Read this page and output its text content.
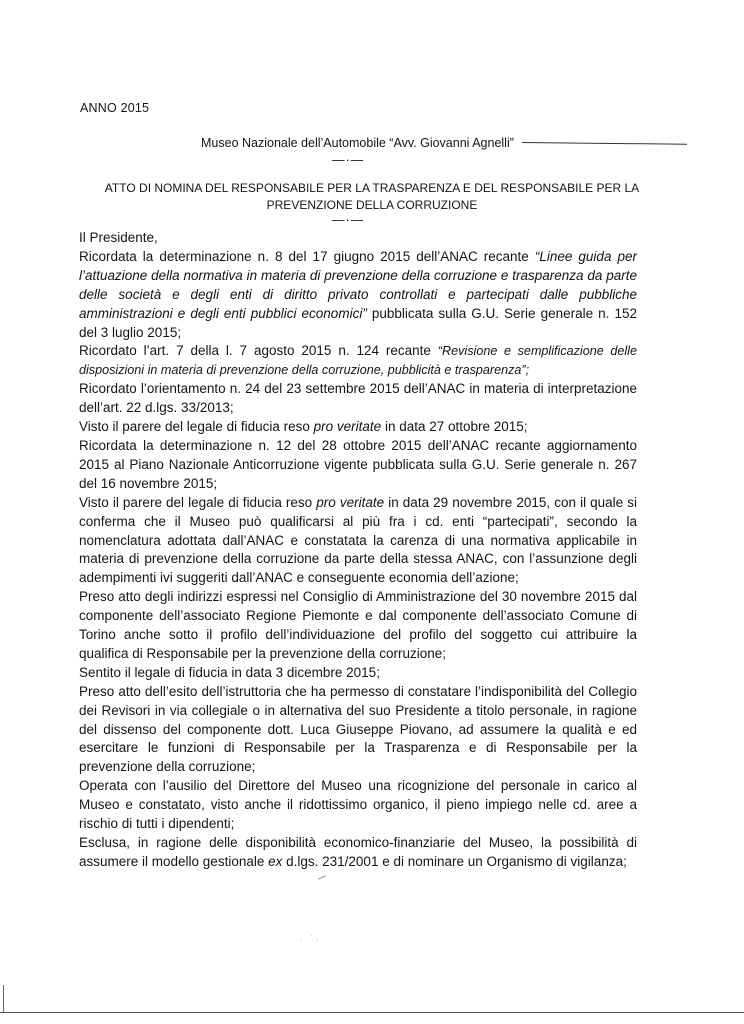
ANNO 2015
Museo Nazionale dell’Automobile “Avv. Giovanni Agnelli”
—·—
ATTO DI NOMINA DEL RESPONSABILE PER LA TRASPARENZA E DEL RESPONSABILE PER LA
PREVENZIONE DELLA CORRUZIONE
—·—

Il Presidente,

Ricordata la determinazione n. 8 del 17 giugno 2015 dell’ANAC recante “Linee guida per l’attuazione della normativa in materia di prevenzione della corruzione e trasparenza da parte delle società e degli enti di diritto privato controllati e partecipati dalle pubbliche amministrazioni e degli enti pubblici economici” pubblicata sulla G.U. Serie generale n. 152 del 3 luglio 2015;

Ricordato l’art. 7 della l. 7 agosto 2015 n. 124 recante “Revisione e semplificazione delle disposizioni in materia di prevenzione della corruzione, pubblicità e trasparenza”;

Ricordato l’orientamento n. 24 del 23 settembre 2015 dell’ANAC in materia di interpretazione dell’art. 22 d.lgs. 33/2013;

Visto il parere del legale di fiducia reso pro veritate in data 27 ottobre 2015;

Ricordata la determinazione n. 12 del 28 ottobre 2015 dell’ANAC recante aggiornamento 2015 al Piano Nazionale Anticorruzione vigente pubblicata sulla G.U. Serie generale n. 267 del 16 novembre 2015;

Visto il parere del legale di fiducia reso pro veritate in data 29 novembre 2015, con il quale si conferma che il Museo può qualificarsi al più fra i cd. enti “partecipati”, secondo la nomenclatura adottata dall’ANAC e constatata la carenza di una normativa applicabile in materia di prevenzione della corruzione da parte della stessa ANAC, con l’assunzione degli adempimenti ivi suggeriti dall’ANAC e conseguente economia dell’azione;

Preso atto degli indirizzi espressi nel Consiglio di Amministrazione del 30 novembre 2015 dal componente dell’associato Regione Piemonte e dal componente dell’associato Comune di Torino anche sotto il profilo dell’individuazione del profilo del soggetto cui attribuire la qualifica di Responsabile per la prevenzione della corruzione;

Sentito il legale di fiducia in data 3 dicembre 2015;

Preso atto dell’esito dell’istruttoria che ha permesso di constatare l’indisponibilità del Collegio dei Revisori in via collegiale o in alternativa del suo Presidente a titolo personale, in ragione del dissenso del componente dott. Luca Giuseppe Piovano, ad assumere la qualità e ed esercitare le funzioni di Responsabile per la Trasparenza e di Responsabile per la prevenzione della corruzione;

Operata con l’ausilio del Direttore del Museo una ricognizione del personale in carico al Museo e constatato, visto anche il ridottissimo organico, il pieno impiego nelle cd. aree a rischio di tutti i dipendenti;

Esclusa, in ragione delle disponibilità economico-finanziarie del Museo, la possibilità di assumere il modello gestionale ex d.lgs. 231/2001 e di nominare un Organismo di vigilanza;

. ˙.
